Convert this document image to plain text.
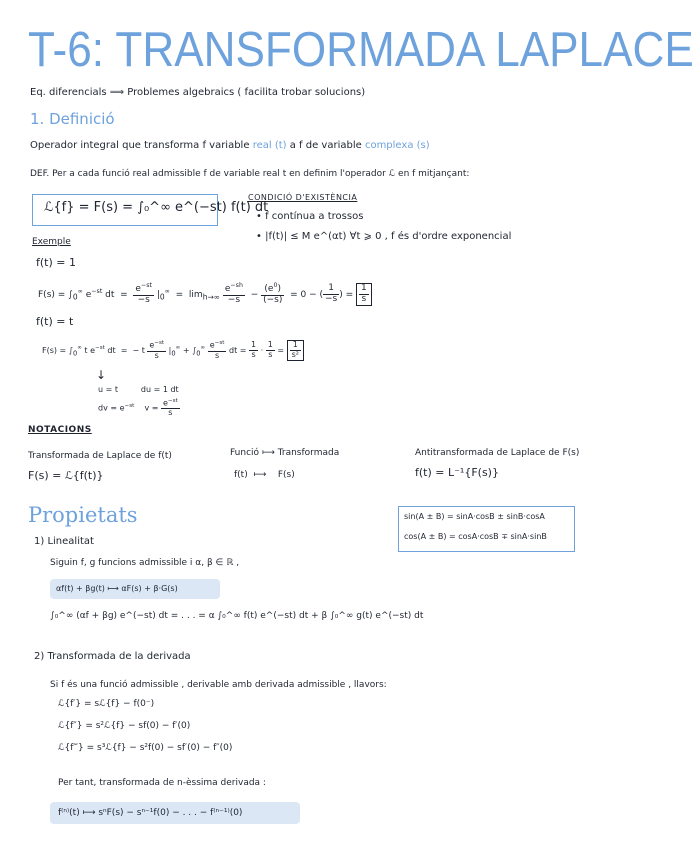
T-6: TRANSFORMADA LAPLACE
Eq. diferencials ⟹ Problemes algebraics ( facilita trobar solucions)
1. Definició
Operador integral que transforma f variable real (t) a f de variable complexa (s)
DEF. Per a cada funció real admissible f de variable real t en definim l'operador ℒ en f mitjançant:
ℒ{f} = F(s) = ∫₀^∞ e^(−st) f(t) dt
CONDICIÓ D'EXISTÈNCIA
• f contínua a trossos
• |f(t)| ≤ M e^(αt) ∀t ⩾ 0 , f és d'ordre exponencial
Exemple
f(t) = 1
$F(s) = \int_0^\infty$ $e^{-st}$ dt  = $\frac{e^{-st}}{-s} |_0^\infty = \lim_{h\to\infty} \frac{e^{-sh}}{-s} - \frac{(e^0)}{(-s)} = 0$ − ( $\frac{1}{-s}$ ) = $\frac{1}{s}$
f(t) = t
$F(s) = \int_0^\infty$ t $e^{-st}$ dt  =  − t $\frac{e^{-st}}{s} |_0^\infty + \int_0^\infty \frac{e^{-st}}{s}$ dt = $\frac{1}{s} \cdot \frac{1}{s} = \frac{1}{\text{s²}}$
↓
u = t         du = 1 dt
dv = $e^{-st}$    $v = \frac{e^{-st}}{s}$
NOTACIONS
Transformada de Laplace de f(t)
F(s) = ℒ{f(t)}
Funció ⟼ Transformada
f(t)  ⟼    F(s)
Antitransformada de Laplace de F(s)
f(t) = L⁻¹{F(s)}
sin(A ± B) = sinA·cosB ± sinB·cosA
cos(A ± B) = cosA·cosB ∓ sinA·sinB
Propietats
1) Linealitat
Siguin f, g funcions admissible i α, β ∈ ℝ ,
αf(t) + βg(t) ⟼ αF(s) + β·G(s)
∫₀^∞ (αf + βg) e^(−st) dt = . . . = α ∫₀^∞ f(t) e^(−st) dt + β ∫₀^∞ g(t) e^(−st) dt
2) Transformada de la derivada
Si f és una funció admissible , derivable amb derivada admissible , llavors:
ℒ{f′} = sℒ{f} − f(0⁻)
ℒ{f″} = s²ℒ{f} − sf(0) − f′(0)
ℒ{f‴} = s³ℒ{f} − s²f(0) − sf′(0) − f″(0)
Per tant, transformada de n-èssima derivada :
f⁽ⁿ⁾(t) ⟼ sⁿF(s) − sⁿ⁻¹f(0) − . . . − f⁽ⁿ⁻¹⁾(0)
